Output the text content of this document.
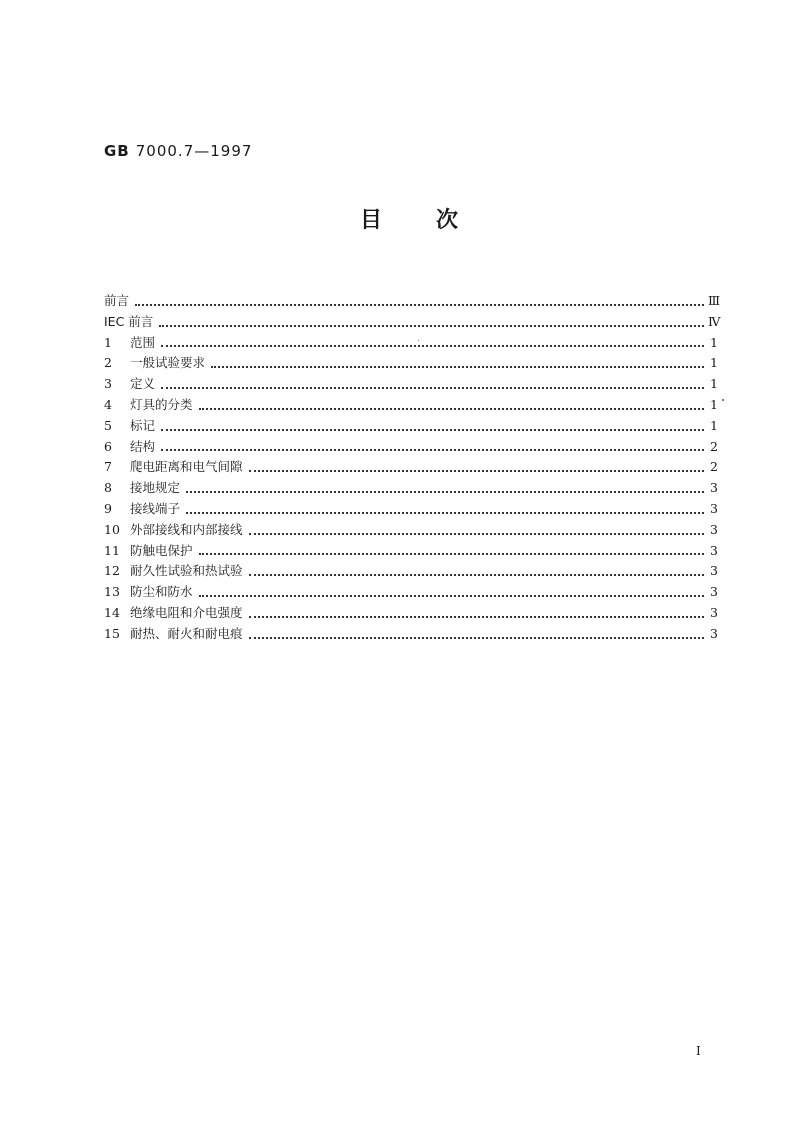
GB 7000.7—1997
目次
前言	Ⅲ
IEC 前言	Ⅳ
1	范围	1
2	一般试验要求	1
3	定义	1
4	灯具的分类	1
5	标记	1
6	结构	2
7	爬电距离和电气间隙	2
8	接地规定	3
9	接线端子	3
10 外部接线和内部接线	3
11 防触电保护	3
12 耐久性试验和热试验	3
13 防尘和防水	3
14 绝缘电阻和介电强度	3
15 耐热、耐火和耐电痕	3
I
